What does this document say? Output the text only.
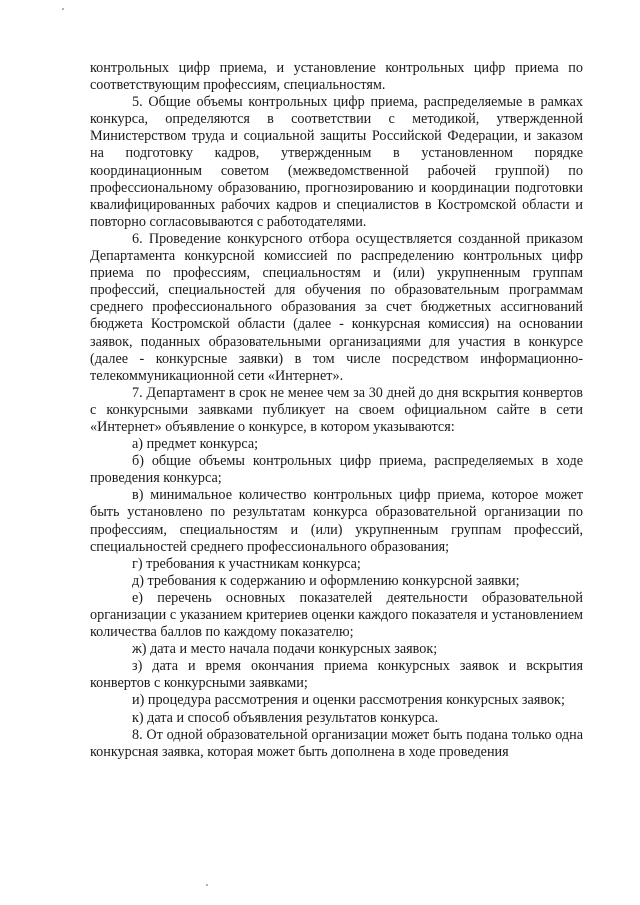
контрольных цифр приема, и установление контрольных цифр приема по соответствующим профессиям, специальностям.

5. Общие объемы контрольных цифр приема, распределяемые в рамках конкурса, определяются в соответствии с методикой, утвержденной Министерством труда и социальной защиты Российской Федерации, и заказом на подготовку кадров, утвержденным в установленном порядке координационным советом (межведомственной рабочей группой) по профессиональному образованию, прогнозированию и координации подготовки квалифицированных рабочих кадров и специалистов в Костромской области и повторно согласовываются с работодателями.

6. Проведение конкурсного отбора осуществляется созданной приказом Департамента конкурсной комиссией по распределению контрольных цифр приема по профессиям, специальностям и (или) укрупненным группам профессий, специальностей для обучения по образовательным программам среднего профессионального образования за счет бюджетных ассигнований бюджета Костромской области (далее - конкурсная комиссия) на основании заявок, поданных образовательными организациями для участия в конкурсе (далее - конкурсные заявки) в том числе посредством информационно-телекоммуникационной сети «Интернет».

7. Департамент в срок не менее чем за 30 дней до дня вскрытия конвертов с конкурсными заявками публикует на своем официальном сайте в сети «Интернет» объявление о конкурсе, в котором указываются:

а) предмет конкурса;

б) общие объемы контрольных цифр приема, распределяемых в ходе проведения конкурса;

в) минимальное количество контрольных цифр приема, которое может быть установлено по результатам конкурса образовательной организации по профессиям, специальностям и (или) укрупненным группам профессий, специальностей среднего профессионального образования;

г) требования к участникам конкурса;

д) требования к содержанию и оформлению конкурсной заявки;

е) перечень основных показателей деятельности образовательной организации с указанием критериев оценки каждого показателя и установлением количества баллов по каждому показателю;

ж) дата и место начала подачи конкурсных заявок;

з) дата и время окончания приема конкурсных заявок и вскрытия конвертов с конкурсными заявками;

и) процедура рассмотрения и оценки рассмотрения конкурсных заявок;

к) дата и способ объявления результатов конкурса.

8. От одной образовательной организации может быть подана только одна конкурсная заявка, которая может быть дополнена в ходе проведения
